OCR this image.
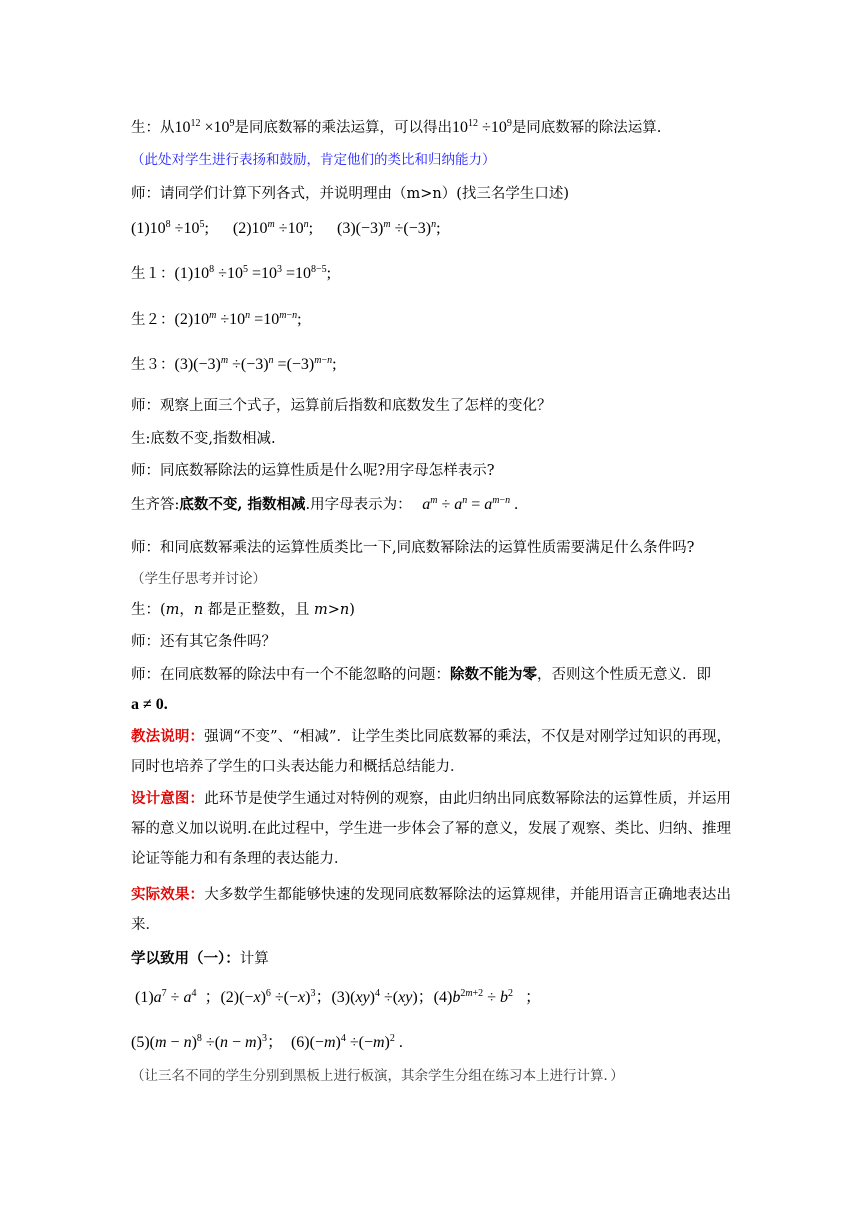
生：从$10^{12} \times 10^9$是同底数幂的乘法运算，可以得出$10^{12} \div 10^9$是同底数幂的除法运算.
（此处对学生进行表扬和鼓励，肯定他们的类比和归纳能力）
师：请同学们计算下列各式，并说明理由（m>n）(找三名学生口述)
$(1)10^8 \div 10^5$; $(2)10^m \div 10^n$; $(3)(-3)^m \div(-3)^n$;
生１：$(1)10^8 \div 10^5 =10^3 =10^{8-5}$;
生２：$(2)10^m \div 10^n =10^{m-n}$;
生３：$(3)(-3)^m \div(-3)^n =(-3)^{m-n}$;
师：观察上面三个式子，运算前后指数和底数发生了怎样的变化？
生:底数不变,指数相减.
师：同底数幂除法的运算性质是什么呢?用字母怎样表示?
生齐答:底数不变, 指数相减.用字母表示为： $a^m \div a^n = a^{m-n}$ .
师：和同底数幂乘法的运算性质类比一下,同底数幂除法的运算性质需要满足什么条件吗?
（学生仔思考并讨论）
生：(m，n 都是正整数，且 m>n)
师：还有其它条件吗？
师：在同底数幂的除法中有一个不能忽略的问题：除数不能为零，否则这个性质无意义．即
a ≠ 0.
教法说明：强调“不变”、“相减”．让学生类比同底数幂的乘法，不仅是对刚学过知识的再现，同时也培养了学生的口头表达能力和概括总结能力．
设计意图：此环节是使学生通过对特例的观察，由此归纳出同底数幂除法的运算性质，并运用幂的意义加以说明.在此过程中，学生进一步体会了幂的意义，发展了观察、类比、归纳、推理论证等能力和有条理的表达能力．
实际效果：大多数学生都能够快速的发现同底数幂除法的运算规律，并能用语言正确地表达出来．
学以致用（一）：计算
$(1)a^7 \div a^4$  ；$(2)(-x)^6 \div(-x)^3$；(3)(xy)$^4$ ÷(xy)；$(4)b^{2m+2} \div b^2$   ；
$(5)(m - n)^8 \div(n - m)^3$；  $(6)(-m)^4 \div(-m)^2$ .
（让三名不同的学生分别到黑板上进行板演，其余学生分组在练习本上进行计算．）
